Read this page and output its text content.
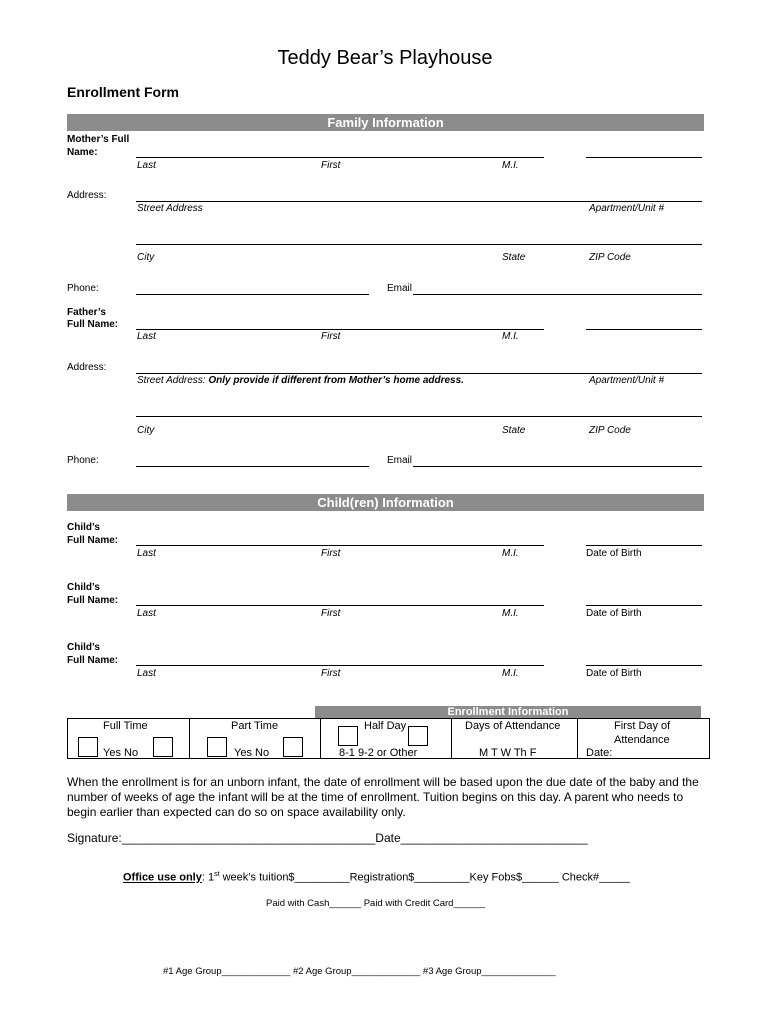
Teddy Bear’s Playhouse
Enrollment Form
Family Information
Mother’s Full
Name:
Last	First	M.I.
Address:
Street Address	Apartment/Unit #
City	State	ZIP Code
Phone:	Email
Father’s
Full Name:
Last	First	M.I.
Address:
Street Address: Only provide if different from Mother’s home address.	Apartment/Unit #
City	State	ZIP Code
Phone:	Email
Child(ren) Information
Child’s
Full Name:
Last	First	M.I.	Date of Birth
Child’s
Full Name:
Last	First	M.I.	Date of Birth
Child’s
Full Name:
Last	First	M.I.	Date of Birth
Enrollment Information
Full Time	Part Time	Half Day	Days of Attendance	First Day of
Attendance
Yes No	Yes No	8-1 9-2 or Other	M T W Th F	Date:
When the enrollment is for an unborn infant, the date of enrollment will be based upon the due date of the baby and the number of weeks of age the infant will be at the time of enrollment. Tuition begins on this day. A parent who needs to begin earlier than expected can do so on space availability only.
Signature:______________________________________Date____________________________
Office use only: 1st week’s tuition$_________Registration$_________Key Fobs$______ Check#_____
Paid with Cash______ Paid with Credit Card______
#1 Age Group_____________ #2 Age Group_____________ #3 Age Group______________
